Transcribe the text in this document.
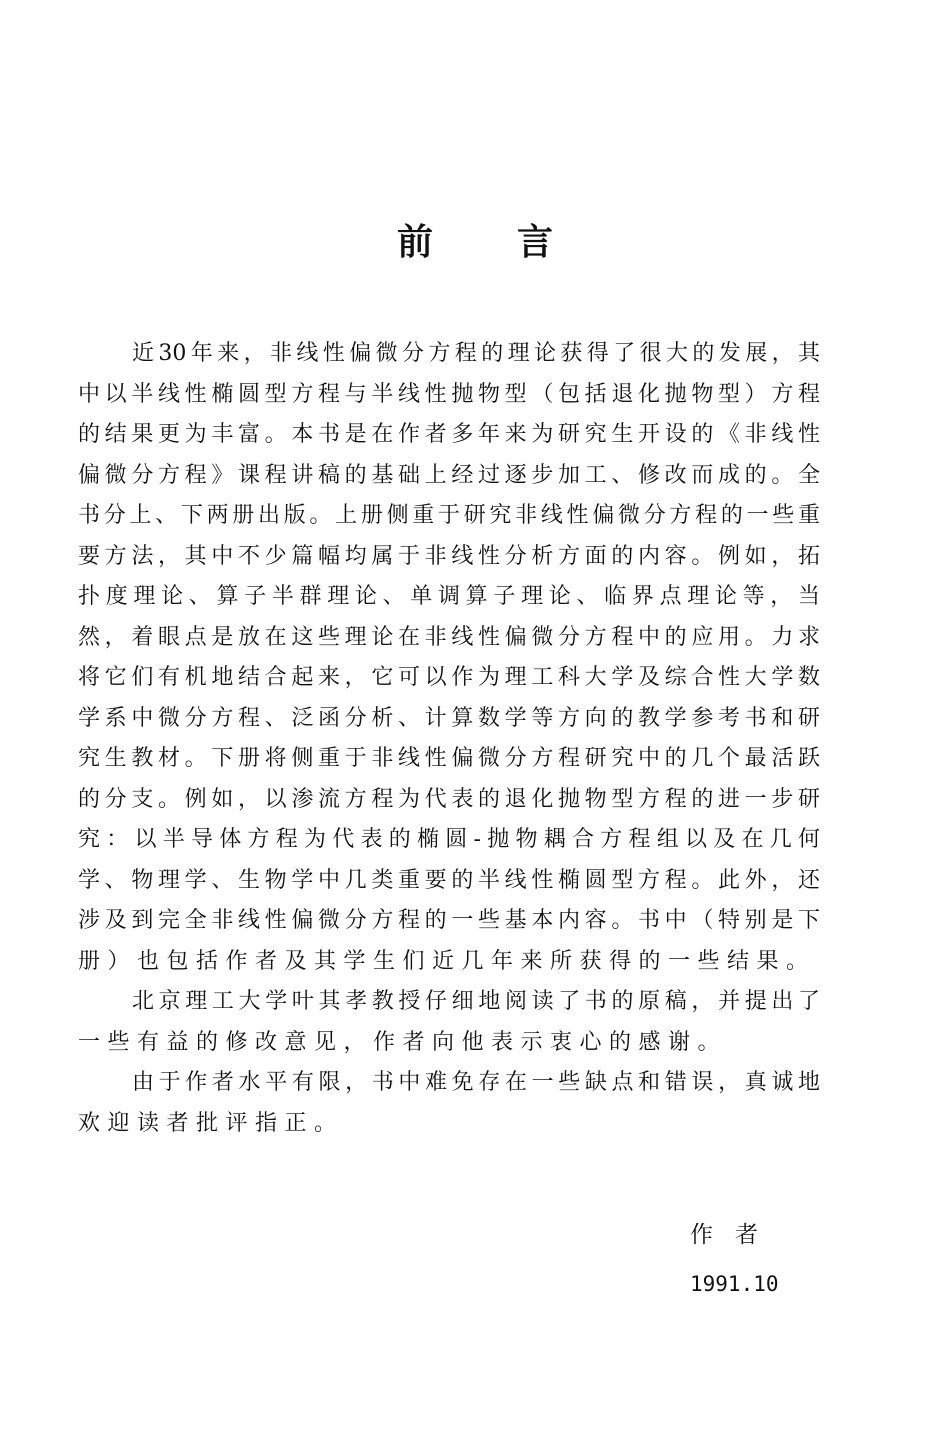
前 言
近30年来，非线性偏微分方程的理论获得了很大的发展，其
中以半线性椭圆型方程与半线性抛物型（包括退化抛物型）方程
的结果更为丰富。本书是在作者多年来为研究生开设的《非线性
偏微分方程》课程讲稿的基础上经过逐步加工、修改而成的。全
书分上、下两册出版。上册侧重于研究非线性偏微分方程的一些重
要方法，其中不少篇幅均属于非线性分析方面的内容。例如，拓
扑度理论、算子半群理论、单调算子理论、临界点理论等，当
然，着眼点是放在这些理论在非线性偏微分方程中的应用。力求
将它们有机地结合起来，它可以作为理工科大学及综合性大学数
学系中微分方程、泛函分析、计算数学等方向的教学参考书和研
究生教材。下册将侧重于非线性偏微分方程研究中的几个最活跃
的分支。例如，以渗流方程为代表的退化抛物型方程的进一步研
究：以半导体方程为代表的椭圆-抛物耦合方程组以及在几何
学、物理学、生物学中几类重要的半线性椭圆型方程。此外，还
涉及到完全非线性偏微分方程的一些基本内容。书中（特别是下
册）也包括作者及其学生们近几年来所获得的一些结果。
北京理工大学叶其孝教授仔细地阅读了书的原稿，并提出了
一些有益的修改意见，作者向他表示衷心的感谢。
由于作者水平有限，书中难免存在一些缺点和错误，真诚地
欢迎读者批评指正。
作者
1991.10
